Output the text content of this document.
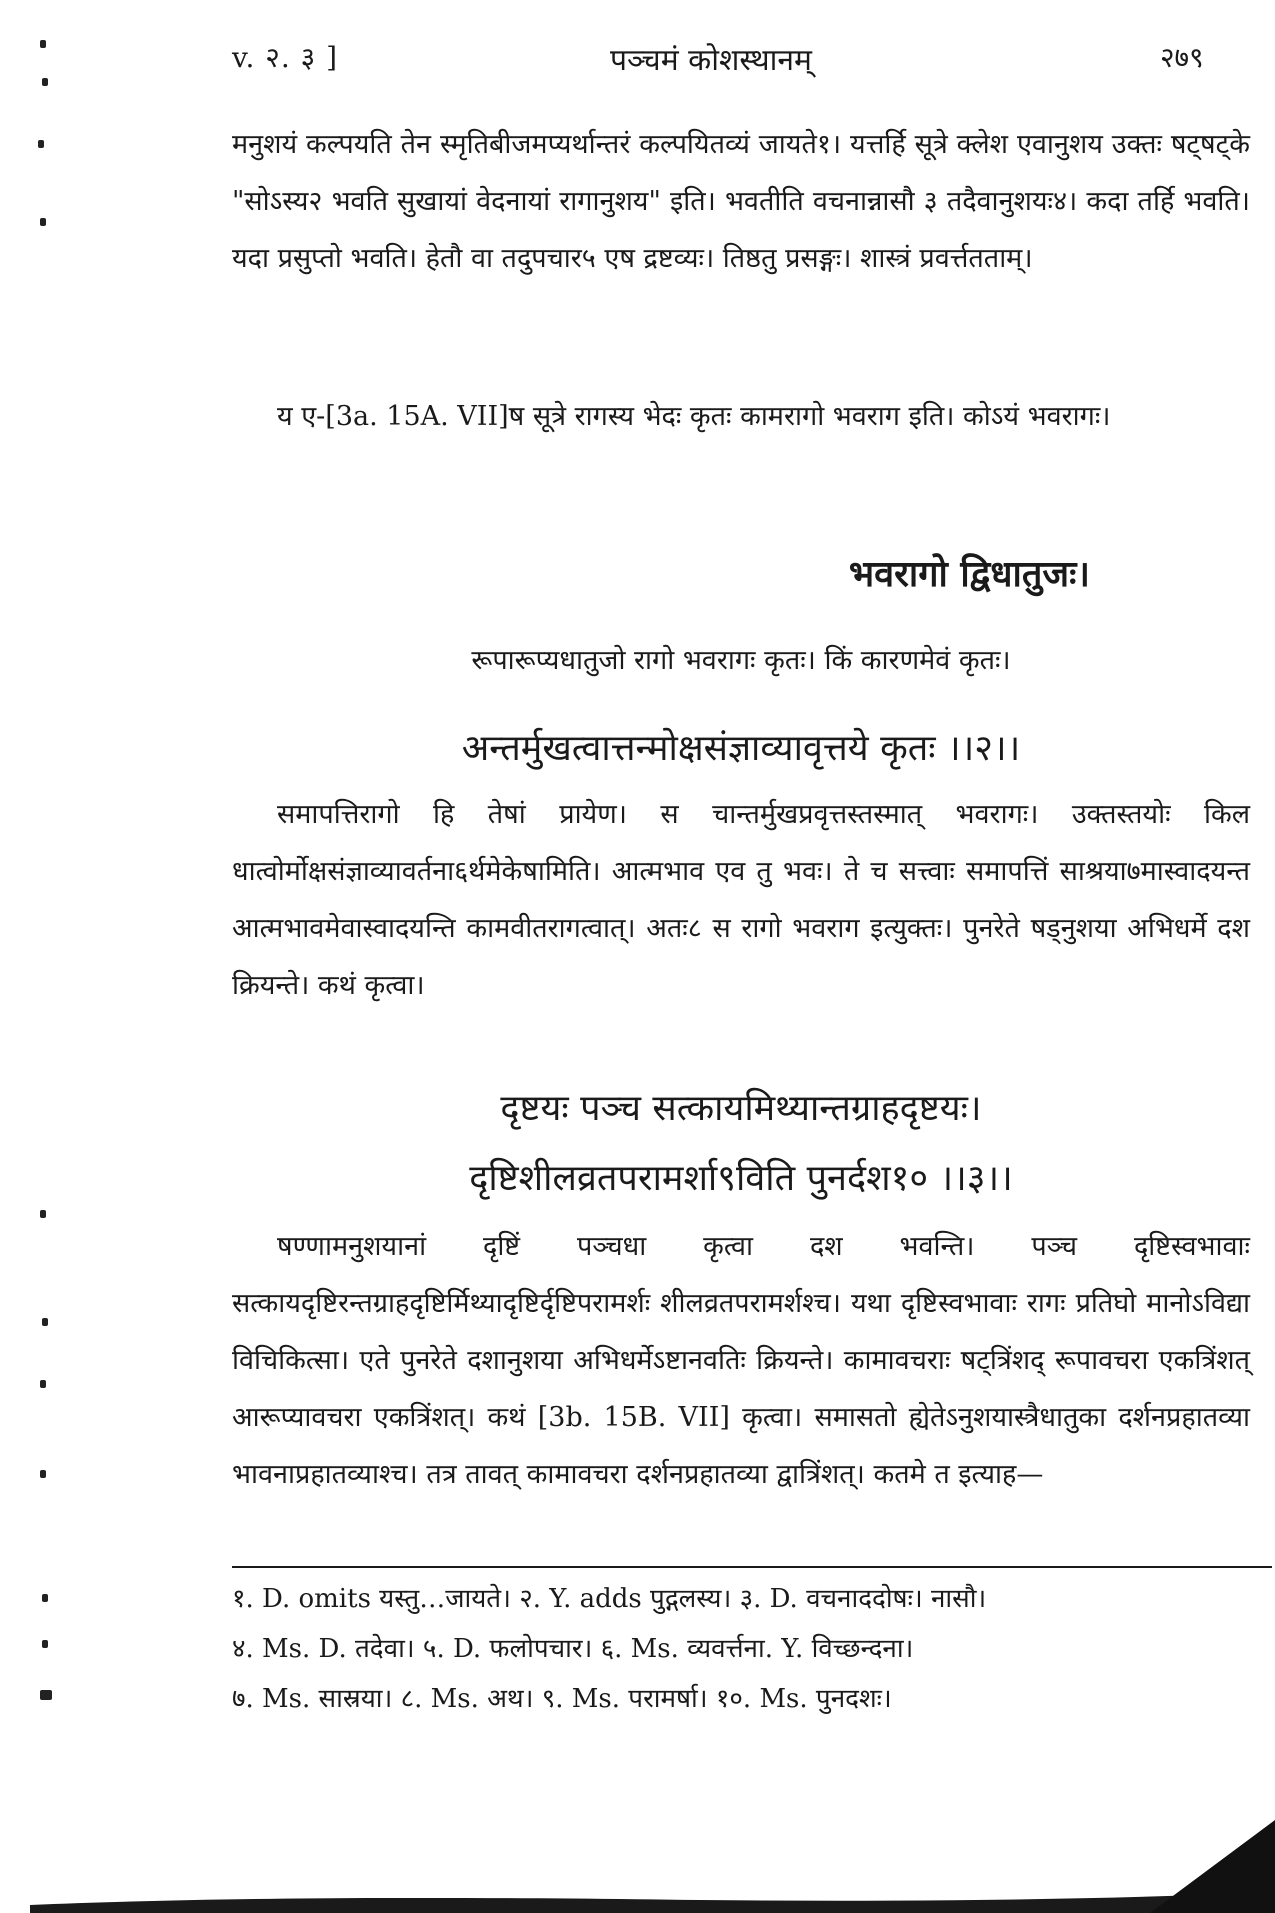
v. २. ३ ]	पञ्चमं कोशस्थानम्	२७९
मनुशयं कल्पयति तेन स्मृतिबीजमप्यर्थान्तरं कल्पयितव्यं जायते१। यत्तर्हि सूत्रे क्लेश एवानुशय उक्तः षट्षट्के "सोऽस्य२ भवति सुखायां वेदनायां रागानुशय" इति। भवतीति वचनान्नासौ ३ तदैवानुशयः४। कदा तर्हि भवति। यदा प्रसुप्तो भवति। हेतौ वा तदुपचार५ एष द्रष्टव्यः। तिष्ठतु प्रसङ्गः। शास्त्रं प्रवर्त्ततताम्।
य ए-[3a. 15A. VII]ष सूत्रे रागस्य भेदः कृतः कामरागो भवराग इति। कोऽयं भवरागः।
भवरागो द्विधातुजः।
रूपारूप्यधातुजो रागो भवरागः कृतः। किं कारणमेवं कृतः।
अन्तर्मुखत्वात्तन्मोक्षसंज्ञाव्यावृत्तये कृतः ।।२।।
समापत्तिरागो हि तेषां प्रायेण। स चान्तर्मुखप्रवृत्तस्तस्मात् भवरागः। उक्तस्तयोः किल धात्वोर्मोक्षसंज्ञाव्यावर्तना६र्थमेकेषामिति। आत्मभाव एव तु भवः। ते च सत्त्वाः समापत्तिं साश्रया७मास्वादयन्त आत्मभावमेवास्वादयन्ति कामवीतरागत्वात्। अतः८ स रागो भवराग इत्युक्तः। पुनरेते षड्नुशया अभिधर्मे दश क्रियन्ते। कथं कृत्वा।
दृष्टयः पञ्च सत्कायमिथ्यान्तग्राहदृष्टयः।
दृष्टिशीलव्रतपरामर्शा९विति पुनर्दश१० ।।३।।
षण्णामनुशयानां दृष्टिं पञ्चधा कृत्वा दश भवन्ति। पञ्च दृष्टिस्वभावाः सत्कायदृष्टिरन्तग्राहदृष्टिर्मिथ्यादृष्टिर्दृष्टिपरामर्शः शीलव्रतपरामर्शश्च। यथा दृष्टिस्वभावाः रागः प्रतिघो मानोऽविद्या विचिकित्सा। एते पुनरेते दशानुशया अभिधर्मेऽष्टानवतिः क्रियन्ते। कामावचराः षट्त्रिंशद् रूपावचरा एकत्रिंशत् आरूप्यावचरा एकत्रिंशत्। कथं [3b. 15B. VII] कृत्वा। समासतो ह्येतेऽनुशयास्त्रैधातुका दर्शनप्रहातव्या भावनाप्रहातव्याश्च। तत्र तावत् कामावचरा दर्शनप्रहातव्या द्वात्रिंशत्। कतमे त इत्याह—
१. D. omits यस्तु…जायते। २. Y. adds पुद्गलस्य। ३. D. वचनाददोषः। नासौ।
४. Ms. D. तदेवा। ५. D. फलोपचार। ६. Ms. व्यवर्त्तना. Y. विच्छन्दना।
७. Ms. सास्रया। ८. Ms. अथ। ९. Ms. परामर्षा। १०. Ms. पुनदशः।
